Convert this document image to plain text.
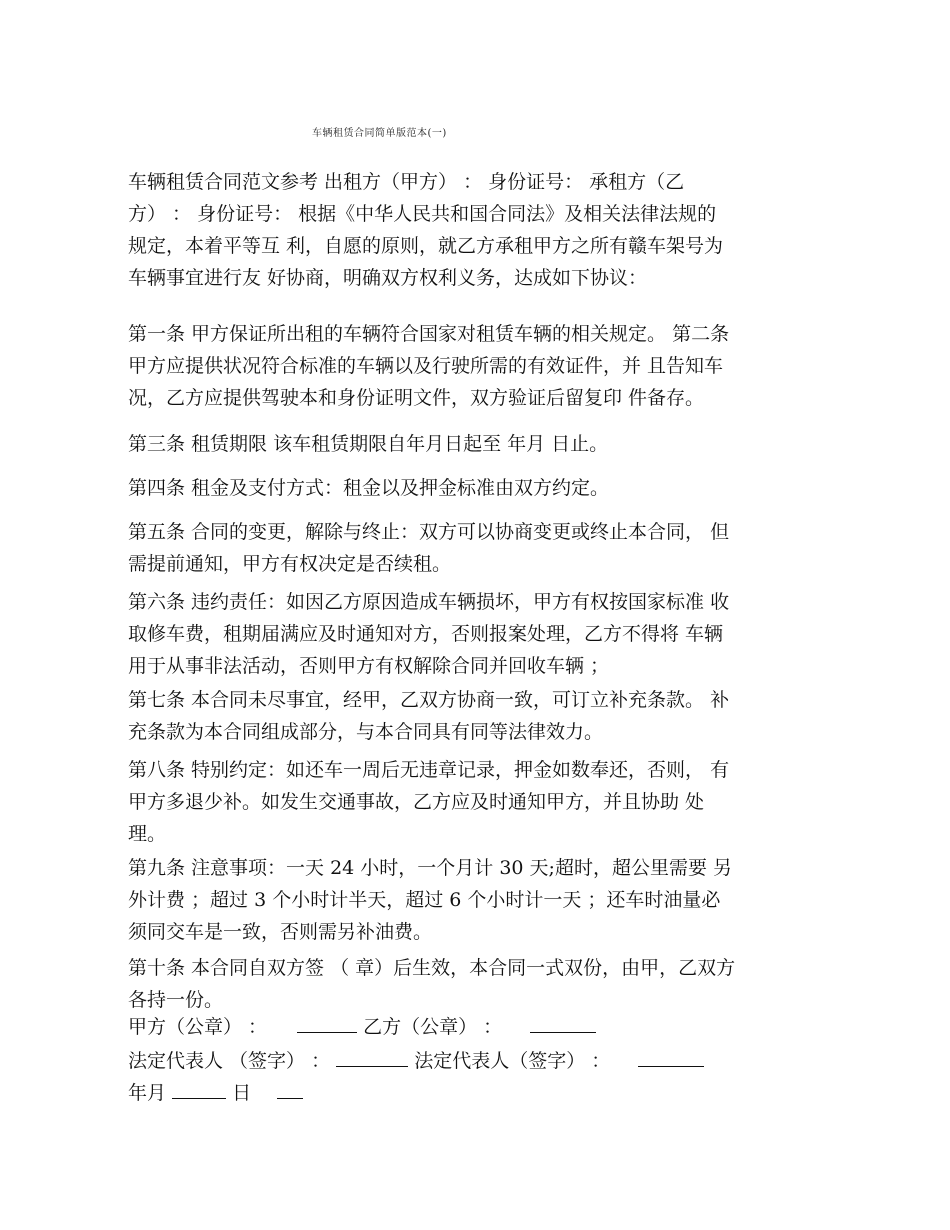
车辆租赁合同简单版范本(一)
车辆租赁合同范文参考 出租方（甲方） ： 身份证号： 承租方（乙
方） ： 身份证号： 根据《中华人民共和国合同法》及相关法律法规的
规定，本着平等互 利，自愿的原则，就乙方承租甲方之所有赣车架号为
车辆事宜进行友 好协商，明确双方权利义务，达成如下协议：
第一条 甲方保证所出租的车辆符合国家对租赁车辆的相关规定。 第二条
甲方应提供状况符合标准的车辆以及行驶所需的有效证件，并 且告知车
况，乙方应提供驾驶本和身份证明文件，双方验证后留复印 件备存。
第三条 租赁期限 该车租赁期限自年月日起至 年月 日止。
第四条 租金及支付方式：租金以及押金标准由双方约定。
第五条 合同的变更，解除与终止：双方可以协商变更或终止本合同， 但
需提前通知，甲方有权决定是否续租。
第六条 违约责任：如因乙方原因造成车辆损坏，甲方有权按国家标准 收
取修车费，租期届满应及时通知对方，否则报案处理，乙方不得将 车辆
用于从事非法活动，否则甲方有权解除合同并回收车辆 ；
第七条 本合同未尽事宜，经甲，乙双方协商一致，可订立补充条款。 补
充条款为本合同组成部分，与本合同具有同等法律效力。
第八条 特别约定：如还车一周后无违章记录，押金如数奉还，否则， 有
甲方多退少补。如发生交通事故，乙方应及时通知甲方，并且协助 处
理。
第九条 注意事项：一天 24 小时，一个月计 30 天;超时，超公里需要 另
外计费 ；超过 3 个小时计半天，超过 6 个小时计一天 ；还车时油量必
须同交车是一致，否则需另补油费。
第十条 本合同自双方签 （ 章）后生效，本合同一式双份，由甲，乙双方
各持一份。
甲方（公章） ：	乙方（公章） ：
法定代表人 （签字） ：	法定代表人（签字） ：
年月	日
